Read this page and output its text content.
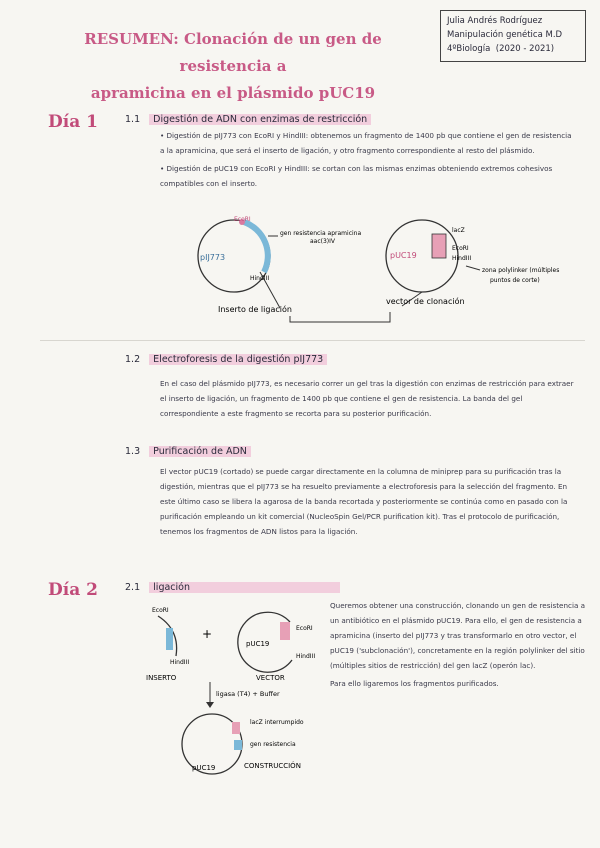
RESUMEN: Clonación de un gen de resistencia a
apramicina en el plásmido pUC19
Julia Andrés Rodríguez
Manipulación genética M.D
4ºBiología (2020 - 2021)
Día 1	1.1 Digestión de ADN con enzimas de restricción

• Digestión de pIJ773 con EcoRI y HindIII: obtenemos un fragmento de 1400 pb que contiene el gen de resistencia a la apramicina, que será el inserto de ligación, y otro fragmento correspondiente al resto del plásmido.

• Digestión de pUC19 con EcoRI y HindIII: se cortan con las mismas enzimas obteniendo extremos cohesivos compatibles con el inserto.

pIJ773
EcoRI
HindIII
gen resistencia apramicina
aac(3)IV
Inserto de ligación
pUC19
lacZ
EcoRI
HindIII
zona polylinker (múltiples
puntos de corte)
vector de clonación
1.2 Electroforesis de la digestión pIJ773
En el caso del plásmido pIJ773, es necesario correr un gel tras la digestión con enzimas de restricción para extraer el inserto de ligación, un fragmento de 1400 pb que contiene el gen de resistencia. La banda del gel correspondiente a este fragmento se recorta para su posterior purificación.
1.3 Purificación de ADN
El vector pUC19 (cortado) se puede cargar directamente en la columna de miniprep para su purificación tras la digestión, mientras que el pIJ773 se ha resuelto previamente a electroforesis para la selección del fragmento. En este último caso se libera la agarosa de la banda recortada y posteriormente se continúa como en pasado con la purificación empleando un kit comercial (NucleoSpin Gel/PCR purification kit). Tras el protocolo de purificación, tenemos los fragmentos de ADN listos para la ligación.
Día 2	2.1 ligación

Queremos obtener una construcción, clonando un gen de resistencia a un antibiótico en el plásmido pUC19. Para ello, el gen de resistencia a apramicina (inserto del pIJ773 y tras transformarlo en otro vector, el pUC19 ('subclonación'), concretamente en la región polylinker del sitio (múltiples sitios de restricción) del gen lacZ (operón lac).

Para ello ligaremos los fragmentos purificados.

EcoRI
HindIII
INSERTO
+
pUC19
EcoRI
HindIII
VECTOR
ligasa (T4) + Buffer
pUC19
lacZ interrumpido
gen resistencia
CONSTRUCCIÓN
